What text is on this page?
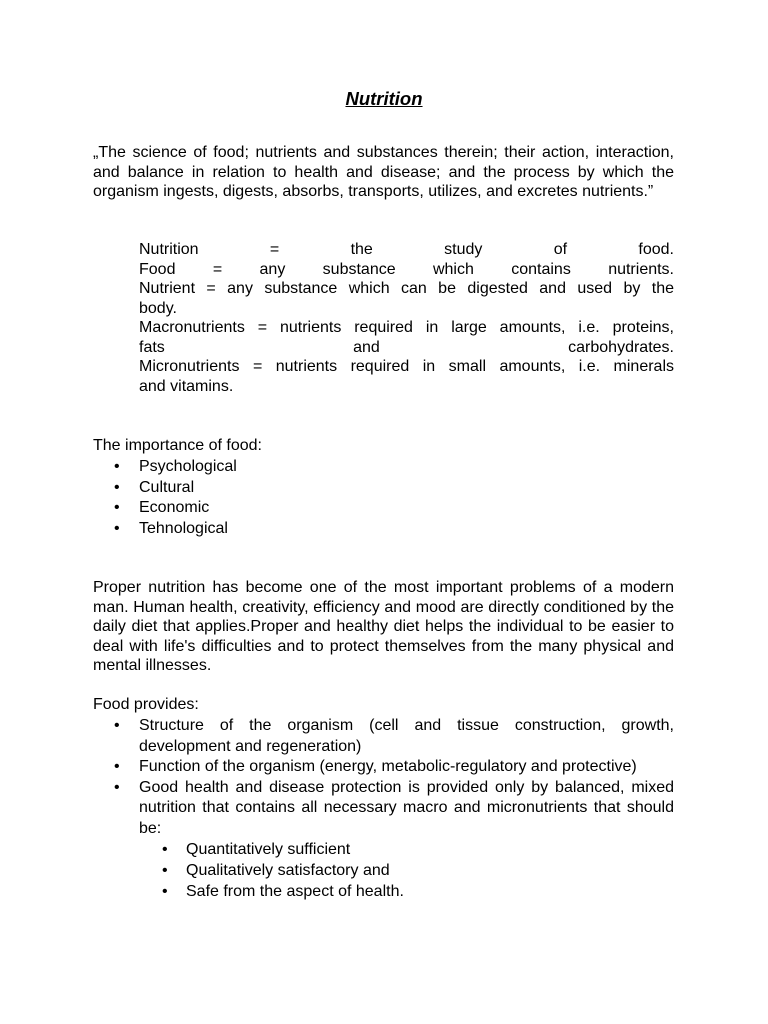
Nutrition

„The science of food; nutrients and substances therein; their action, interaction, and balance in relation to health and disease; and the process by which the organism ingests, digests, absorbs, transports, utilizes, and excretes nutrients.”

Nutrition = the study of food.
Food = any substance which contains nutrients.
Nutrient = any substance which can be digested and used by the
body.
Macronutrients = nutrients required in large amounts, i.e. proteins,
fats and carbohydrates.
Micronutrients = nutrients required in small amounts, i.e. minerals
and vitamins.

The importance of food:

• Psychological
• Cultural
• Economic
• Tehnological

Proper nutrition has become one of the most important problems of a modern man. Human health, creativity, efficiency and mood are directly conditioned by the daily diet that applies.Proper and healthy diet helps the individual to be easier to deal with life's difficulties and to protect themselves from the many physical and mental illnesses.

Food provides:

• Structure of the organism (cell and tissue construction, growth, development and regeneration)
• Function of the organism (energy, metabolic-regulatory and protective)
• Good health and disease protection is provided only by balanced, mixed nutrition that contains all necessary macro and micronutrients that should be:
• Quantitatively sufficient
• Qualitatively satisfactory and
• Safe from the aspect of health.
